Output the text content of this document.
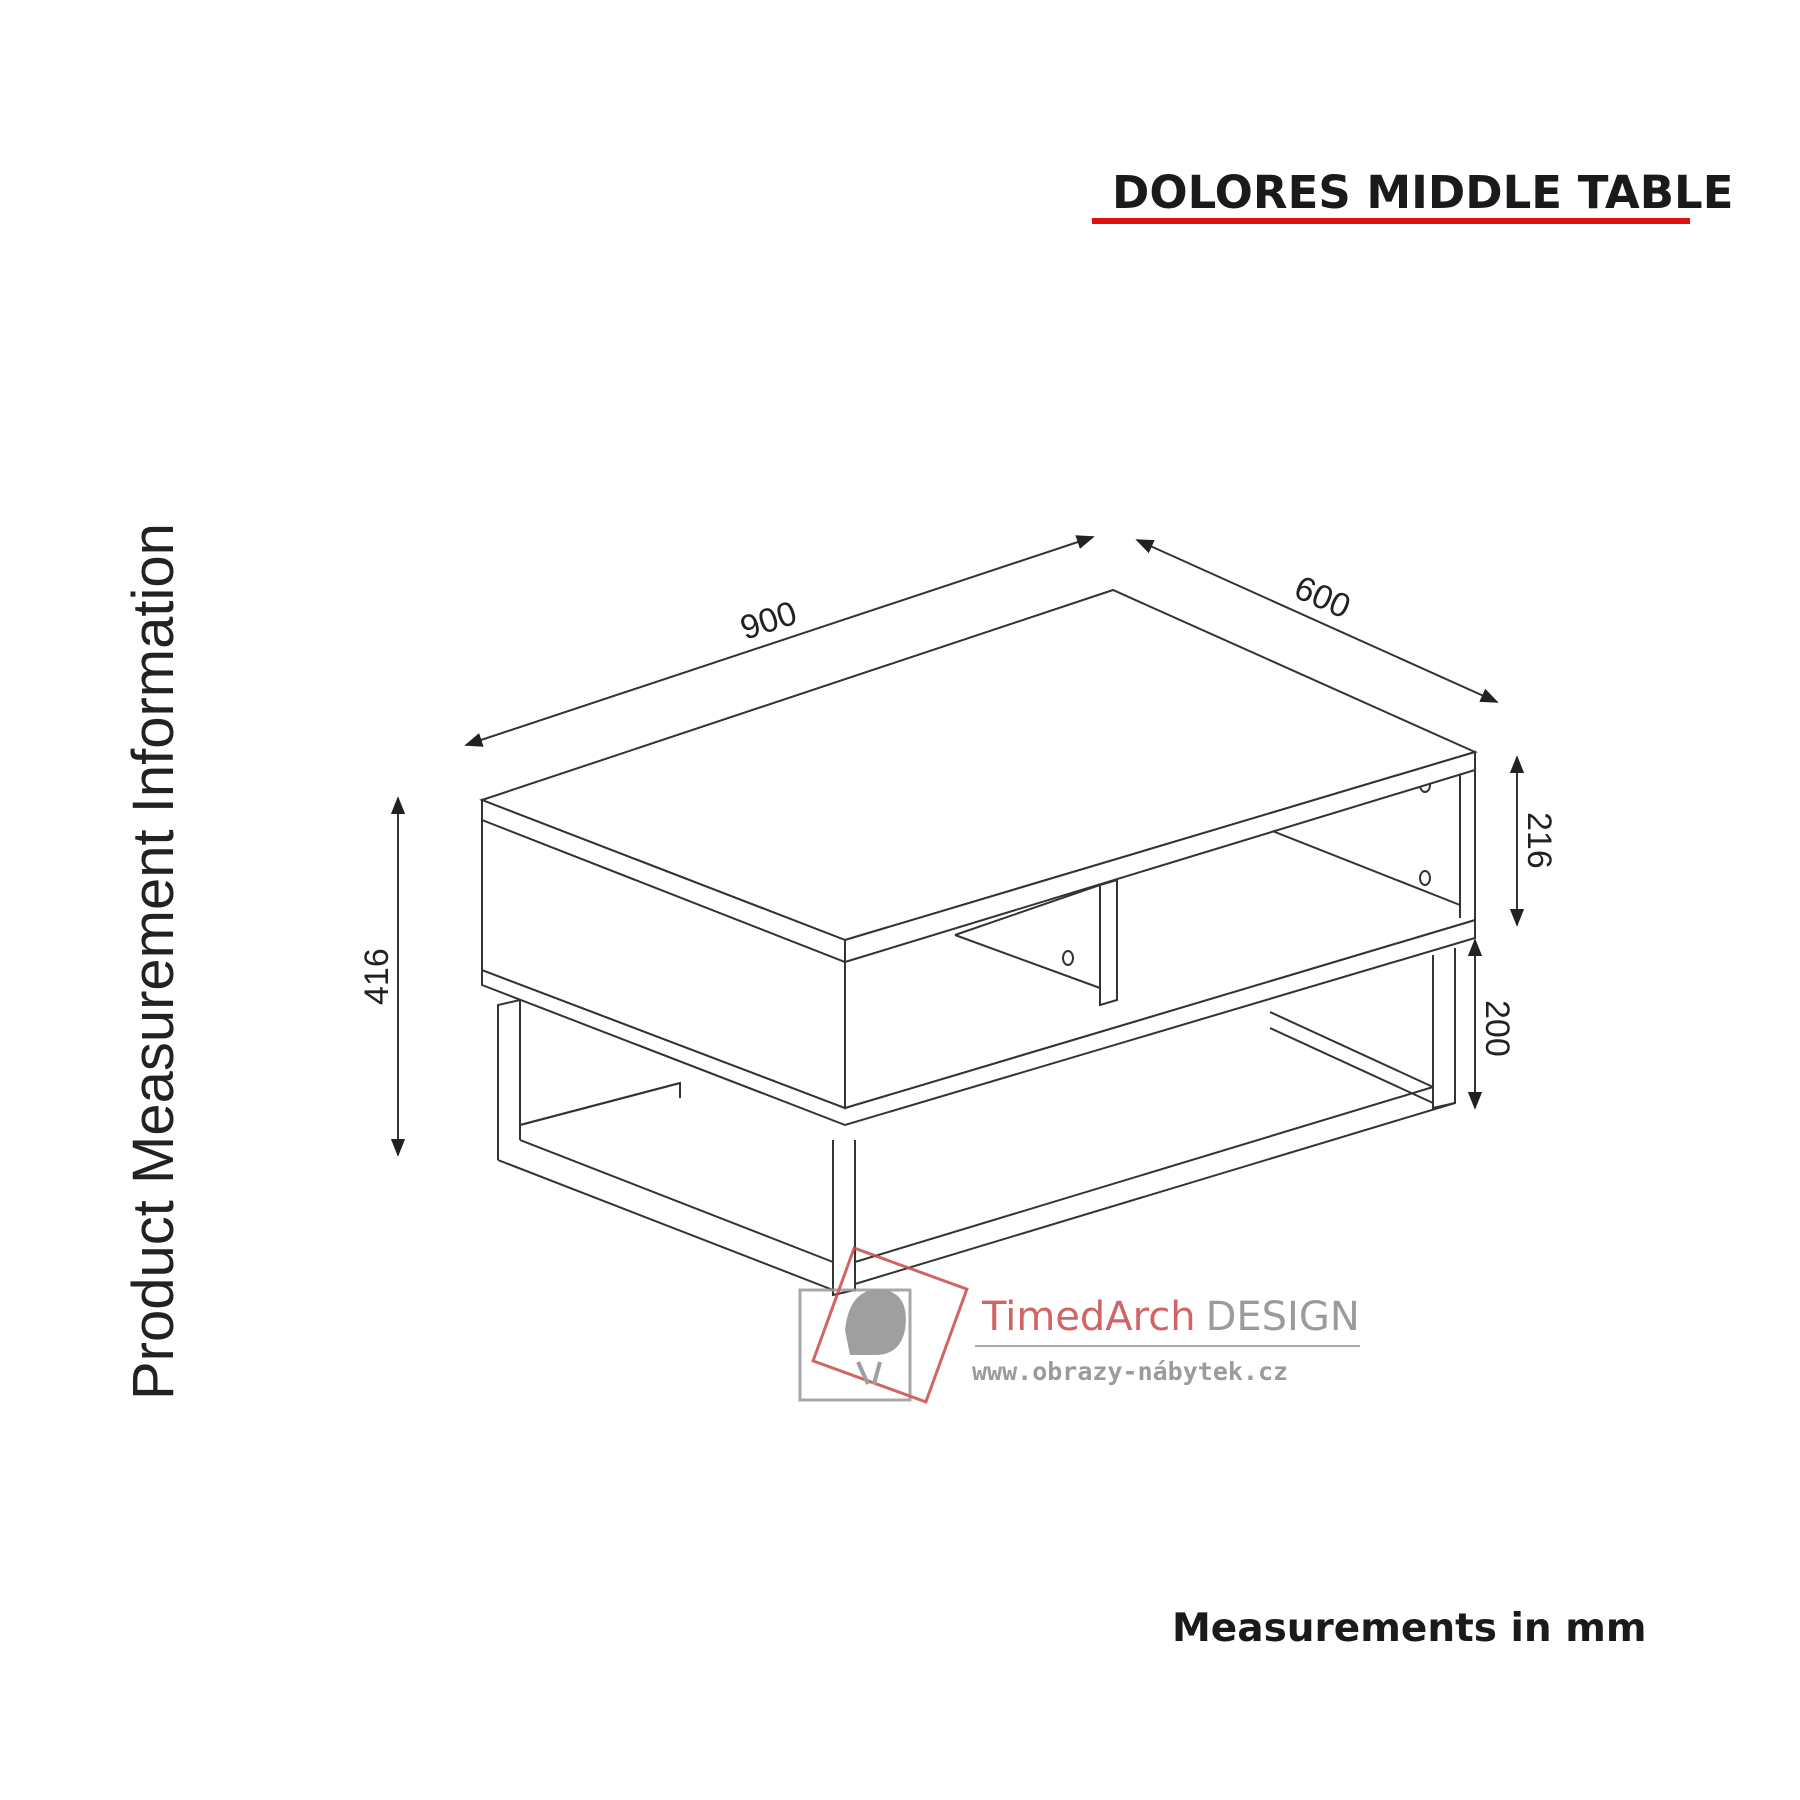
DOLORES MIDDLE TABLE
Product Measurement Information	900	600
416
216
200
TimedArch DESIGN
www.obrazy-nábytek.cz
Measurements in mm
